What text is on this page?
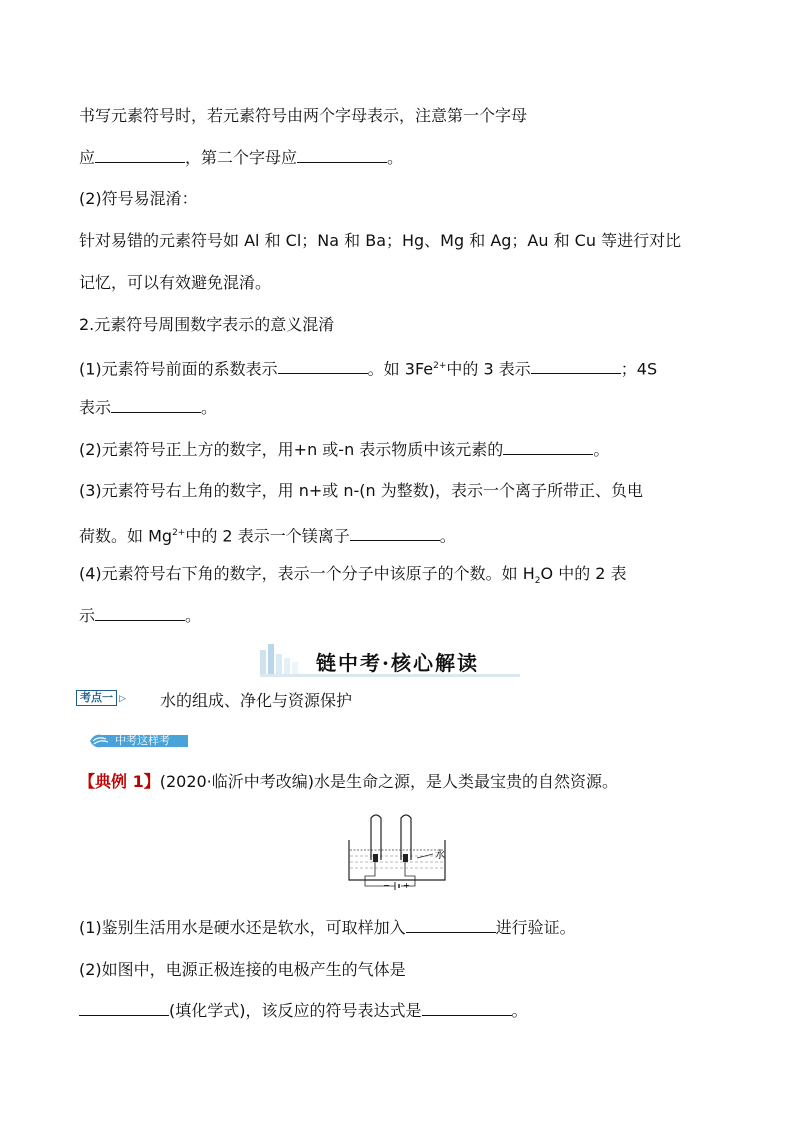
书写元素符号时，若元素符号由两个字母表示，注意第一个字母
应	，第二个字母应	。
(2)符号易混淆：
针对易错的元素符号如 Al 和 Cl；Na 和 Ba；Hg、Mg 和 Ag；Au 和 Cu 等进行对比
记忆，可以有效避免混淆。
2.元素符号周围数字表示的意义混淆
(1)元素符号前面的系数表示	。如 $3Fe^{2+}$中的 3 表示	；4S
表示	。
(2)元素符号正上方的数字，用+n 或-n 表示物质中该元素的	。
(3)元素符号右上角的数字，用 n+或 n-(n 为整数)，表示一个离子所带正、负电
荷数。如 $Mg^{2+}$中的 2 表示一个镁离子	。
(4)元素符号右下角的数字，表示一个分子中该原子的个数。如 $H_2O$ 中的 2 表
示	。
链中考·核心解读
考点一 ▷ 水的组成、净化与资源保护
中考这样考
【典例 1】(2020·临沂中考改编)水是生命之源，是人类最宝贵的自然资源。
水
− +
(1)鉴别生活用水是硬水还是软水，可取样加入	进行验证。
(2)如图中，电源正极连接的电极产生的气体是
(填化学式)，该反应的符号表达式是	。
